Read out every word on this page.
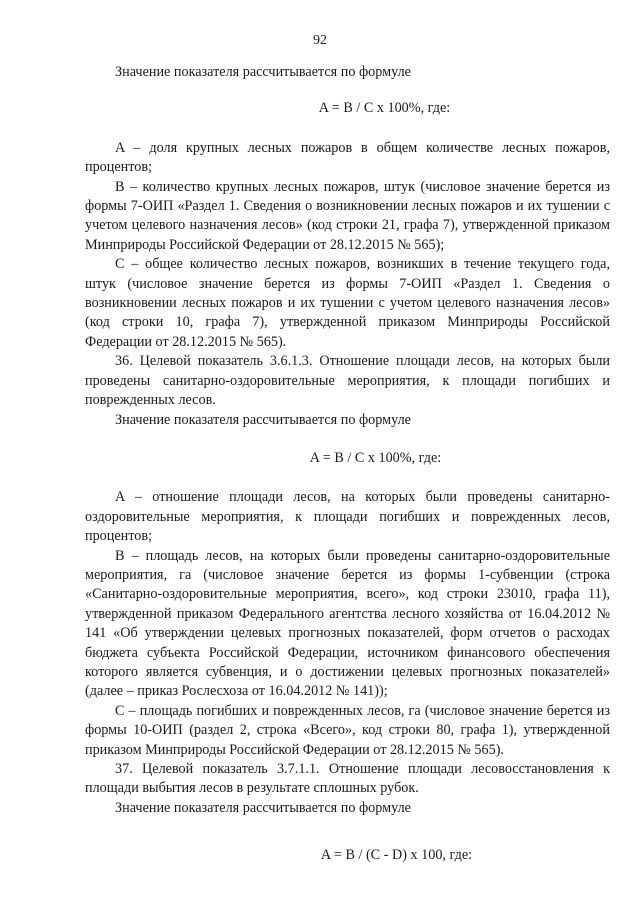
92

Значение показателя рассчитывается по формуле

A = B / C x 100%, где:

A – доля крупных лесных пожаров в общем количестве лесных пожаров, процентов;

B – количество крупных лесных пожаров, штук (числовое значение берется из формы 7-ОИП «Раздел 1. Сведения о возникновении лесных пожаров и их тушении с учетом целевого назначения лесов» (код строки 21, графа 7), утвержденной приказом Минприроды Российской Федерации от 28.12.2015 № 565);

C – общее количество лесных пожаров, возникших в течение текущего года, штук (числовое значение берется из формы 7-ОИП «Раздел 1. Сведения о возникновении лесных пожаров и их тушении с учетом целевого назначения лесов» (код строки 10, графа 7), утвержденной приказом Минприроды Российской Федерации от 28.12.2015 № 565).

36. Целевой показатель 3.6.1.3. Отношение площади лесов, на которых были проведены санитарно-оздоровительные мероприятия, к площади погибших и поврежденных лесов.

Значение показателя рассчитывается по формуле

A = B / C x 100%, где:

A – отношение площади лесов, на которых были проведены санитарно-оздоровительные мероприятия, к площади погибших и поврежденных лесов, процентов;

B – площадь лесов, на которых были проведены санитарно-оздоровительные мероприятия, га (числовое значение берется из формы 1-субвенции (строка «Санитарно-оздоровительные мероприятия, всего», код строки 23010, графа 11), утвержденной приказом Федерального агентства лесного хозяйства от 16.04.2012 № 141 «Об утверждении целевых прогнозных показателей, форм отчетов о расходах бюджета субъекта Российской Федерации, источником финансового обеспечения которого является субвенция, и о достижении целевых прогнозных показателей» (далее – приказ Рослесхоза от 16.04.2012 № 141));

C – площадь погибших и поврежденных лесов, га (числовое значение берется из формы 10-ОИП (раздел 2, строка «Всего», код строки 80, графа 1), утвержденной приказом Минприроды Российской Федерации от 28.12.2015 № 565).

37. Целевой показатель 3.7.1.1. Отношение площади лесовосстановления к площади выбытия лесов в результате сплошных рубок.

Значение показателя рассчитывается по формуле

A = B / (C - D) x 100, где:
